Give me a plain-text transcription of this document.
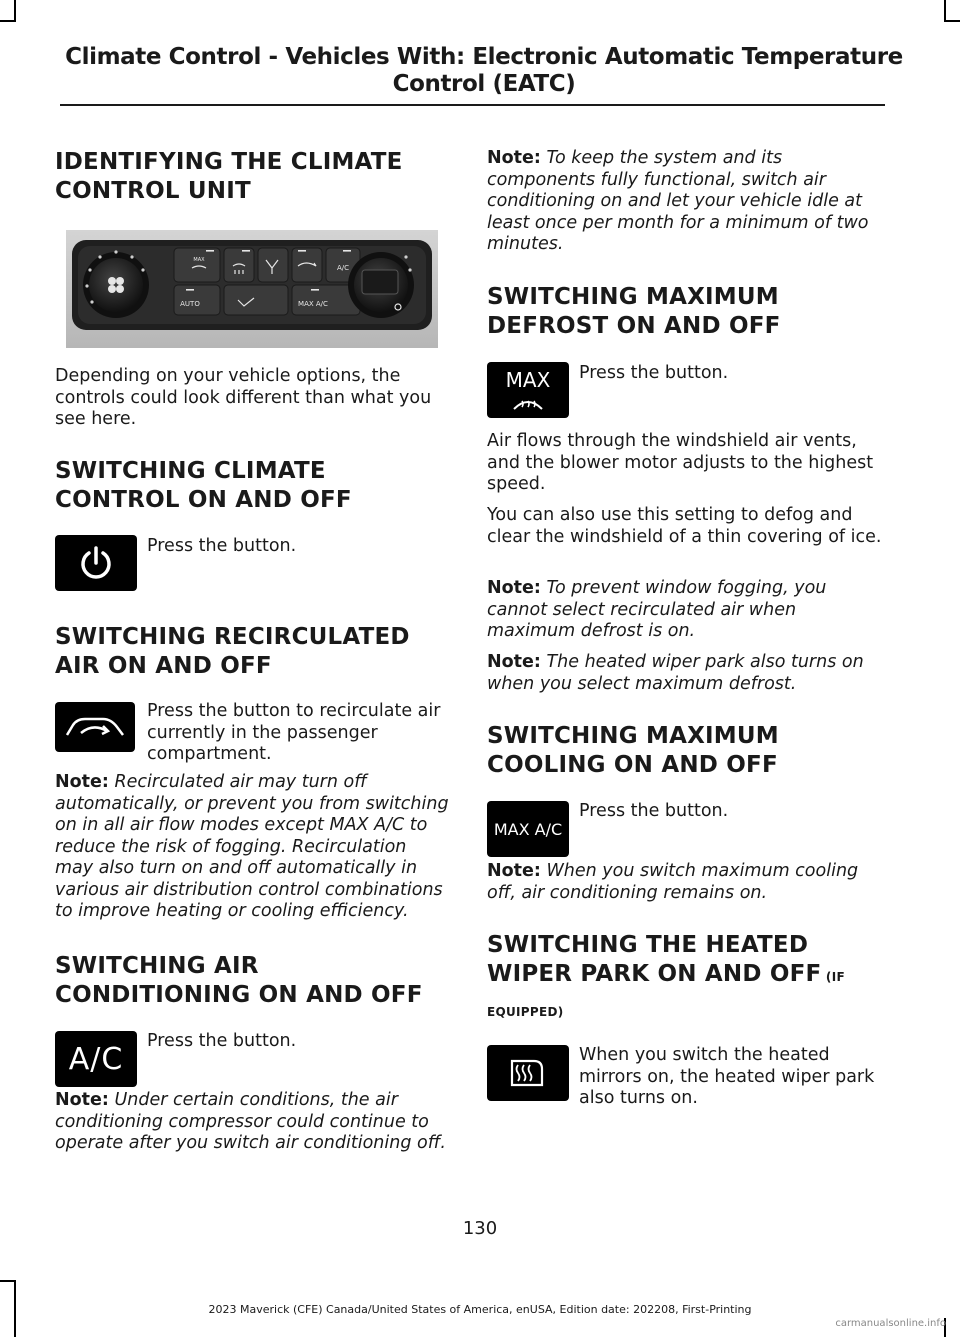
Climate Control - Vehicles With: Electronic Automatic Temperature
Control (EATC)
IDENTIFYING THE CLIMATE
CONTROL UNIT
MAX
AUTO	MAX A/C
A/C

Depending on your vehicle options, the controls could look different than what you see here.

SWITCHING CLIMATE
CONTROL ON AND OFF

Press the button.

SWITCHING RECIRCULATED
AIR ON AND OFF

Press the button to recirculate air currently in the passenger compartment.

Note: Recirculated air may turn off automatically, or prevent you from switching on in all air flow modes except MAX A/C to reduce the risk of fogging. Recirculation may also turn on and off automatically in various air distribution control combinations to improve heating or cooling efficiency.

SWITCHING AIR
CONDITIONING ON AND OFF
A/C

Press the button.

Note: Under certain conditions, the air conditioning compressor could continue to operate after you switch air conditioning off.

Note: To keep the system and its components fully functional, switch air conditioning on and let your vehicle idle at least once per month for a minimum of two minutes.

SWITCHING MAXIMUM
DEFROST ON AND OFF
MAX Press the button.

Air flows through the windshield air vents, and the blower motor adjusts to the highest speed.

You can also use this setting to defog and clear the windshield of a thin covering of ice.

Note: To prevent window fogging, you cannot select recirculated air when maximum defrost is on.

Note: The heated wiper park also turns on when you select maximum defrost.

SWITCHING MAXIMUM
COOLING ON AND OFF
MAX A/C

Press the button.

Note: When you switch maximum cooling off, air conditioning remains on.

SWITCHING THE HEATED
WIPER PARK ON AND OFF (IF
EQUIPPED)

When you switch the heated mirrors on, the heated wiper park also turns on.

130
2023 Maverick (CFE) Canada/United States of America, enUSA, Edition date: 202208, First-Printing
carmanualsonline.info
